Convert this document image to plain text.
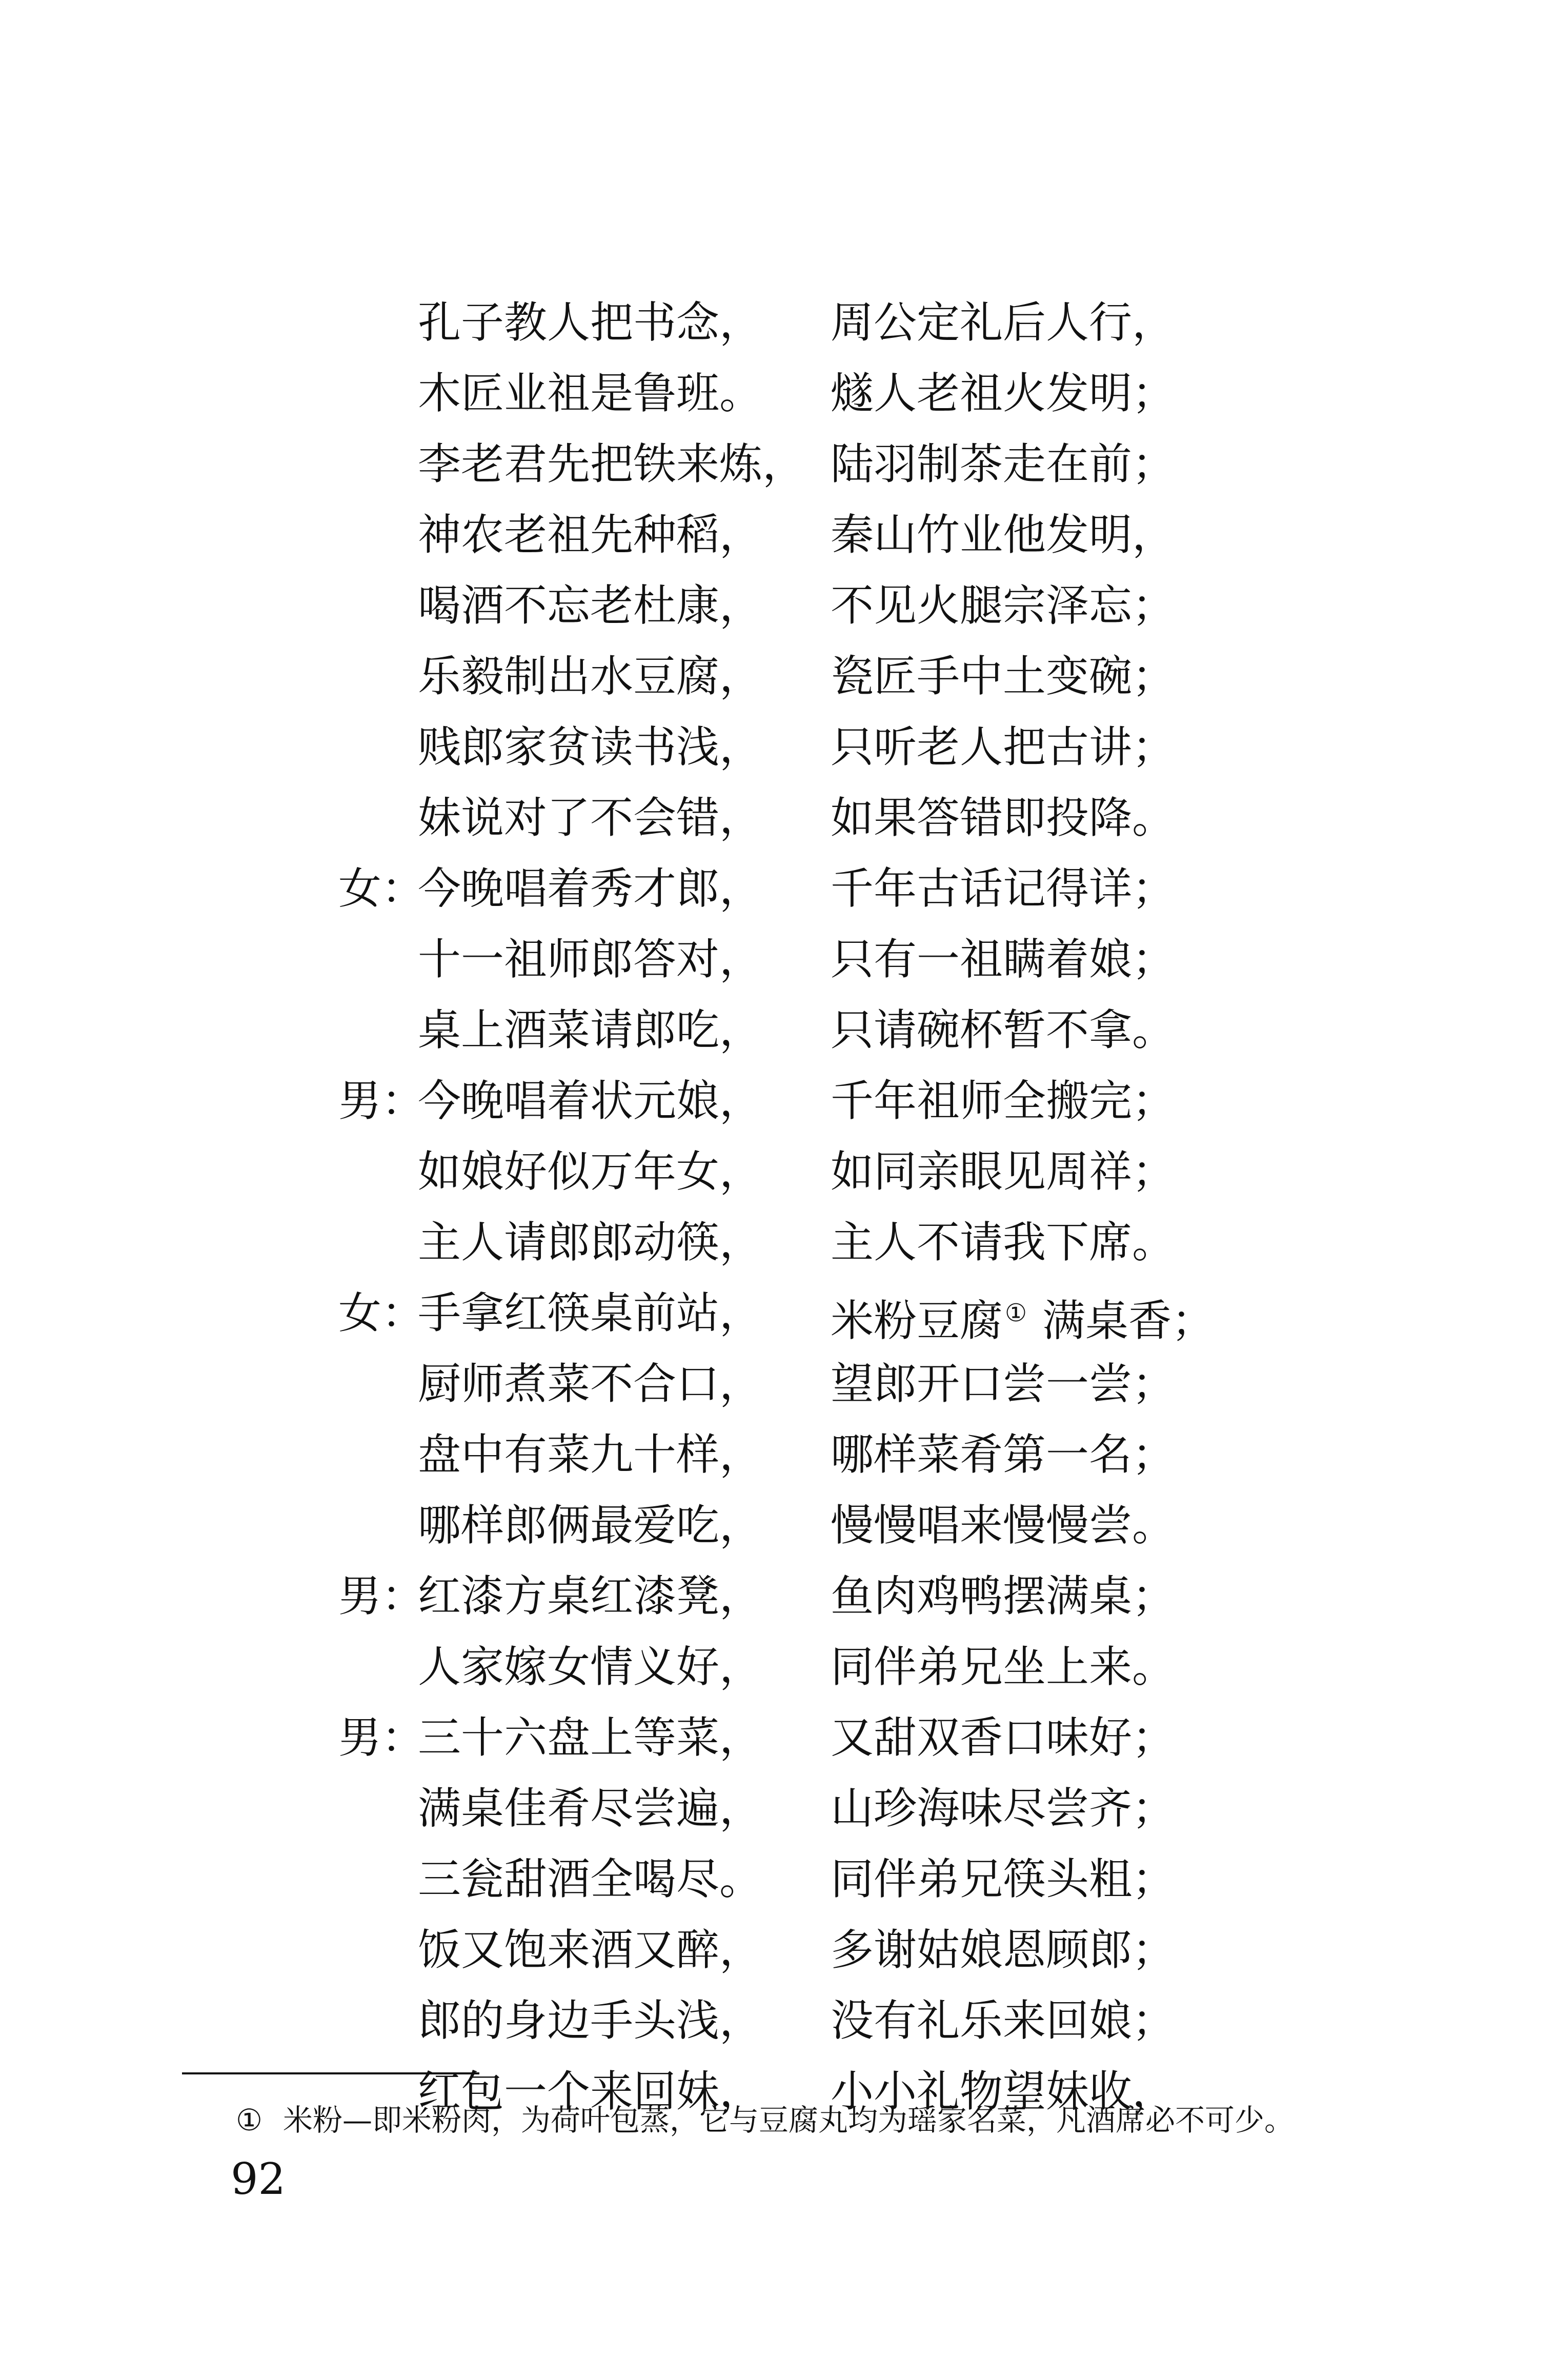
孔子教人把书念， 周公定礼后人行，
木匠业祖是鲁班。 燧人老祖火发明；
李老君先把铁来炼， 陆羽制茶走在前；
神农老祖先种稻， 秦山竹业他发明，
喝酒不忘老杜康， 不见火腿宗泽忘；
乐毅制出水豆腐， 瓷匠手中土变碗；
贱郎家贫读书浅， 只听老人把古讲；
妹说对了不会错， 如果答错即投降。
女：
今晚唱着秀才郎， 千年古话记得详；
十一祖师郎答对， 只有一祖瞒着娘；
桌上酒菜请郎吃， 只请碗杯暂不拿。
男：
今晚唱着状元娘， 千年祖师全搬完；
如娘好似万年女， 如同亲眼见周祥；
主人请郎郎动筷， 主人不请我下席。
女：
手拿红筷桌前站， 米粉豆腐① 满桌香；
厨师煮菜不合口， 望郎开口尝一尝；
盘中有菜九十样， 哪样菜肴第一名；
哪样郎俩最爱吃， 慢慢唱来慢慢尝。
男：
红漆方桌红漆凳， 鱼肉鸡鸭摆满桌；
人家嫁女情义好， 同伴弟兄坐上来。
男：
三十六盘上等菜， 又甜双香口味好；
满桌佳肴尽尝遍， 山珍海味尽尝齐；
三瓮甜酒全喝尽。 同伴弟兄筷头粗；
饭又饱来酒又醉， 多谢姑娘恩顾郎；
郎的身边手头浅， 没有礼乐来回娘；
红包一个来回妹， 小小礼物望妹收，
① 米粉—即米粉肉，为荷叶包蒸，它与豆腐丸均为瑶家名菜，凡酒席必不可少。
92
